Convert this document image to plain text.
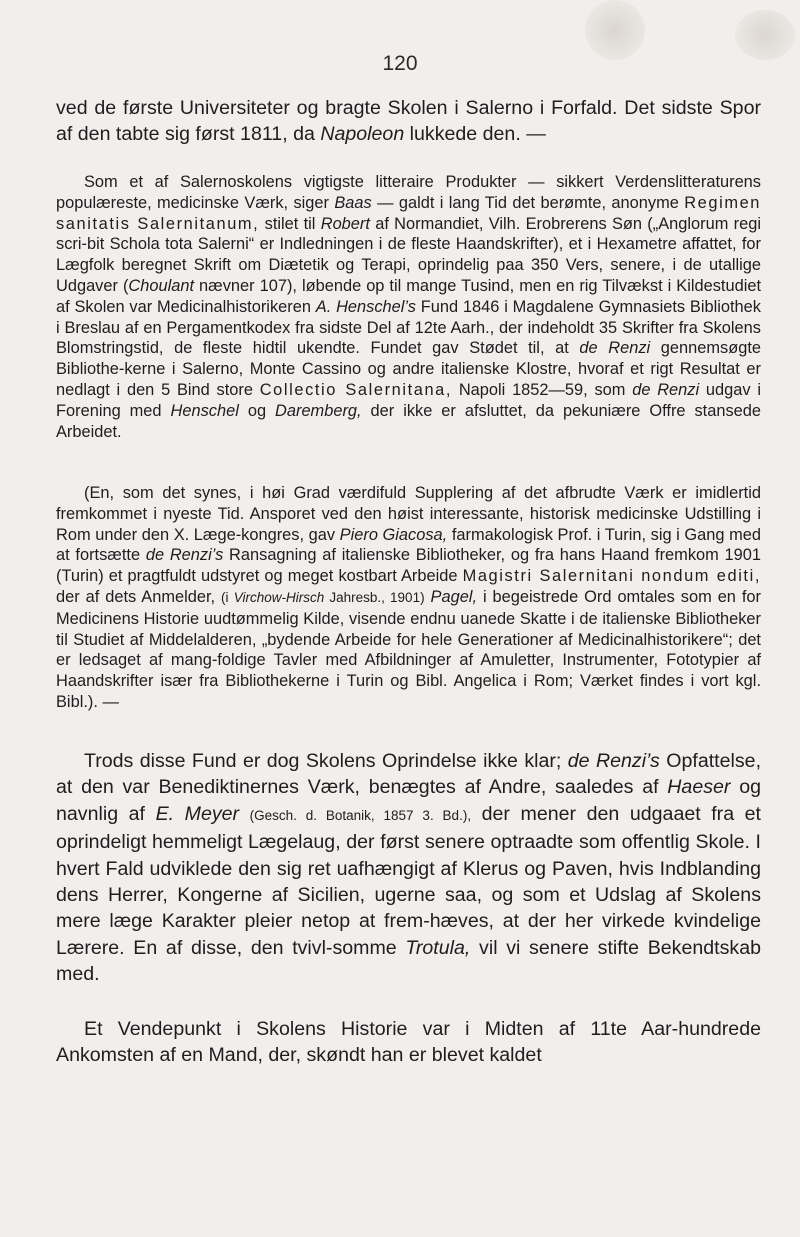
120

ved de første Universiteter og bragte Skolen i Salerno i Forfald. Det sidste Spor af den tabte sig først 1811, da Napoleon lukkede den. —

Som et af Salernoskolens vigtigste litteraire Produkter — sikkert Verdenslitteraturens populæreste, medicinske Værk, siger Baas — galdt i lang Tid det berømte, anonyme Regimen sanitatis Salernitanum, stilet til Robert af Normandiet, Vilh. Erobrerens Søn („Anglorum regi scri-bit Schola tota Salerni“ er Indledningen i de fleste Haandskrifter), et i Hexametre affattet, for Lægfolk beregnet Skrift om Diætetik og Terapi, oprindelig paa 350 Vers, senere, i de utallige Udgaver (Choulant nævner 107), løbende op til mange Tusind, men en rig Tilvækst i Kildestudiet af Skolen var Medicinalhistorikeren A. Henschel’s Fund 1846 i Magdalene Gymnasiets Bibliothek i Breslau af en Pergamentkodex fra sidste Del af 12te Aarh., der indeholdt 35 Skrifter fra Skolens Blomstringstid, de fleste hidtil ukendte. Fundet gav Stødet til, at de Renzi gennemsøgte Bibliothe-kerne i Salerno, Monte Cassino og andre italienske Klostre, hvoraf et rigt Resultat er nedlagt i den 5 Bind store Collectio Salernitana, Napoli 1852—59, som de Renzi udgav i Forening med Henschel og Daremberg, der ikke er afsluttet, da pekuniære Offre stansede Arbeidet.

(En, som det synes, i høi Grad værdifuld Supplering af det afbrudte Værk er imidlertid fremkommet i nyeste Tid. Ansporet ved den høist interessante, historisk medicinske Udstilling i Rom under den X. Læge-kongres, gav Piero Giacosa, farmakologisk Prof. i Turin, sig i Gang med at fortsætte de Renzi’s Ransagning af italienske Bibliotheker, og fra hans Haand fremkom 1901 (Turin) et pragtfuldt udstyret og meget kostbart Arbeide Magistri Salernitani nondum editi, der af dets Anmelder, (i Virchow-Hirsch Jahresb., 1901) Pagel, i begeistrede Ord omtales som en for Medicinens Historie uudtømmelig Kilde, visende endnu uanede Skatte i de italienske Bibliotheker til Studiet af Middelalderen, „bydende Arbeide for hele Generationer af Medicinalhistorikere“; det er ledsaget af mang-foldige Tavler med Afbildninger af Amuletter, Instrumenter, Fototypier af Haandskrifter især fra Bibliothekerne i Turin og Bibl. Angelica i Rom; Værket findes i vort kgl. Bibl.). —

Trods disse Fund er dog Skolens Oprindelse ikke klar; de Renzi’s Opfattelse, at den var Benediktinernes Værk, benægtes af Andre, saaledes af Haeser og navnlig af E. Meyer (Gesch. d. Botanik, 1857 3. Bd.), der mener den udgaaet fra et oprindeligt hemmeligt Lægelaug, der først senere optraadte som offentlig Skole. I hvert Fald udviklede den sig ret uafhængigt af Klerus og Paven, hvis Indblanding dens Herrer, Kongerne af Sicilien, ugerne saa, og som et Udslag af Skolens mere læge Karakter pleier netop at frem-hæves, at der her virkede kvindelige Lærere. En af disse, den tvivl-somme Trotula, vil vi senere stifte Bekendtskab med.

Et Vendepunkt i Skolens Historie var i Midten af 11te Aar-hundrede Ankomsten af en Mand, der, skøndt han er blevet kaldet
